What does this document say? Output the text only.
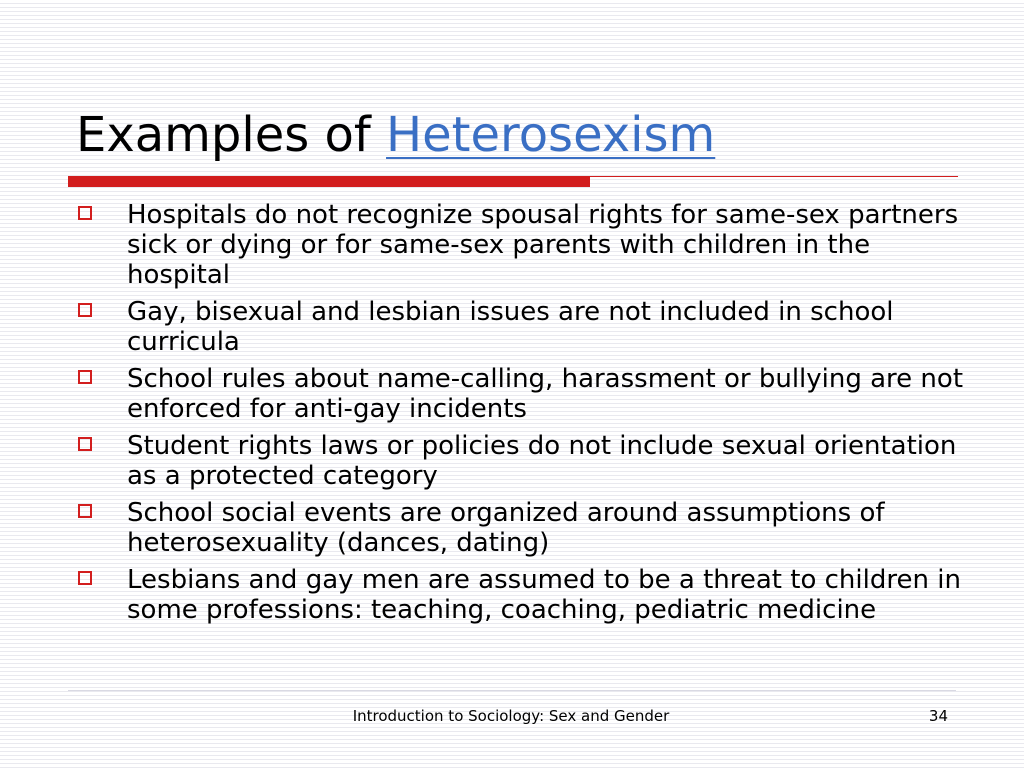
Examples of Heterosexism
Hospitals do not recognize spousal rights for same-sex partners sick or dying or for same-sex parents with children in the hospital
Gay, bisexual and lesbian issues are not included in school curricula
School rules about name-calling, harassment or bullying are not enforced for anti-gay incidents
Student rights laws or policies do not include sexual orientation as a protected category
School social events are organized around assumptions of heterosexuality (dances, dating)
Lesbians and gay men are assumed to be a threat to children in some professions: teaching, coaching, pediatric medicine
Introduction to Sociology: Sex and Gender	34
